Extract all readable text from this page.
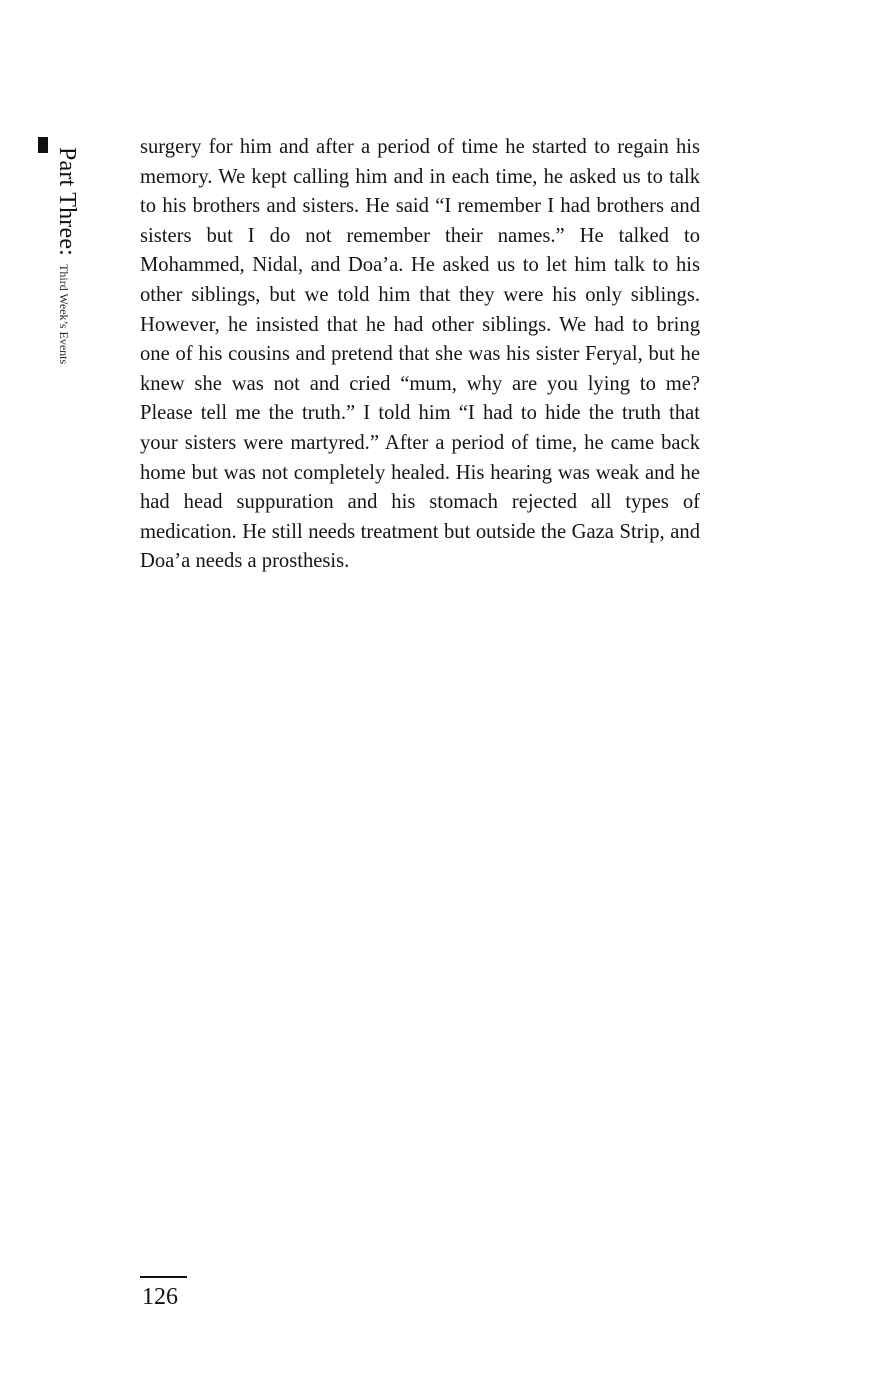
Part Three: Third Week’s Events

surgery for him and after a period of time he started to regain his memory. We kept calling him and in each time, he asked us to talk to his brothers and sisters. He said “I remember I had brothers and sisters but I do not remember their names.” He talked to Mohammed, Nidal, and Doa’a. He asked us to let him talk to his other siblings, but we told him that they were his only siblings. However, he insisted that he had other siblings. We had to bring one of his cousins and pretend that she was his sister Feryal, but he knew she was not and cried “mum, why are you lying to me? Please tell me the truth.” I told him “I had to hide the truth that your sisters were martyred.” After a period of time, he came back home but was not completely healed. His hearing was weak and he had head suppuration and his stomach rejected all types of medication. He still needs treatment but outside the Gaza Strip, and Doa’a needs a prosthesis.

126
